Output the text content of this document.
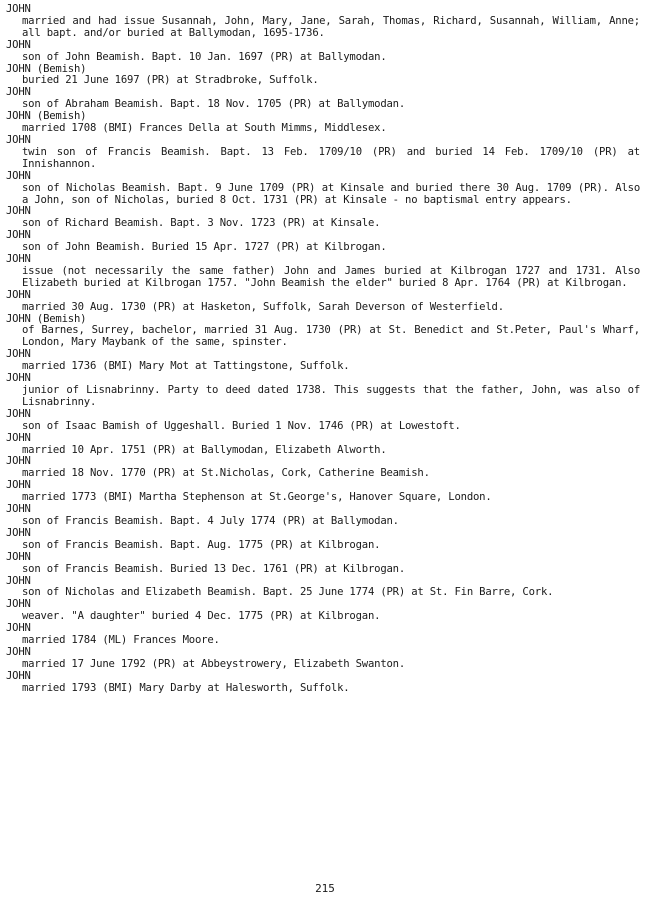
JOHN
married and had issue Susannah, John, Mary, Jane, Sarah, Thomas, Richard, Susannah, William, Anne; all bapt. and/or buried at Ballymodan, 1695-1736.
JOHN
son of John Beamish. Bapt. 10 Jan. 1697 (PR) at Ballymodan.
JOHN (Bemish)
buried 21 June 1697 (PR) at Stradbroke, Suffolk.
JOHN
son of Abraham Beamish. Bapt. 18 Nov. 1705 (PR) at Ballymodan.
JOHN (Bemish)
married 1708 (BMI) Frances Della at South Mimms, Middlesex.
JOHN
twin son of Francis Beamish. Bapt. 13 Feb. 1709/10 (PR) and buried 14 Feb. 1709/10 (PR) at Innishannon.
JOHN
son of Nicholas Beamish. Bapt. 9 June 1709 (PR) at Kinsale and buried there 30 Aug. 1709 (PR). Also a John, son of Nicholas, buried 8 Oct. 1731 (PR) at Kinsale - no baptismal entry appears.
JOHN
son of Richard Beamish. Bapt. 3 Nov. 1723 (PR) at Kinsale.
JOHN
son of John Beamish. Buried 15 Apr. 1727 (PR) at Kilbrogan.
JOHN
issue (not necessarily the same father) John and James buried at Kilbrogan 1727 and 1731. Also Elizabeth buried at Kilbrogan 1757. "John Beamish the elder" buried 8 Apr. 1764 (PR) at Kilbrogan.
JOHN
married 30 Aug. 1730 (PR) at Hasketon, Suffolk, Sarah Deverson of Westerfield.
JOHN (Bemish)
of Barnes, Surrey, bachelor, married 31 Aug. 1730 (PR) at St. Benedict and St.Peter, Paul's Wharf, London, Mary Maybank of the same, spinster.
JOHN
married 1736 (BMI) Mary Mot at Tattingstone, Suffolk.
JOHN
junior of Lisnabrinny. Party to deed dated 1738. This suggests that the father, John, was also of Lisnabrinny.
JOHN
son of Isaac Bamish of Uggeshall. Buried 1 Nov. 1746 (PR) at Lowestoft.
JOHN
married 10 Apr. 1751 (PR) at Ballymodan, Elizabeth Alworth.
JOHN
married 18 Nov. 1770 (PR) at St.Nicholas, Cork, Catherine Beamish.
JOHN
married 1773 (BMI) Martha Stephenson at St.George's, Hanover Square, London.
JOHN
son of Francis Beamish. Bapt. 4 July 1774 (PR) at Ballymodan.
JOHN
son of Francis Beamish. Bapt. Aug. 1775 (PR) at Kilbrogan.
JOHN
son of Francis Beamish. Buried 13 Dec. 1761 (PR) at Kilbrogan.
JOHN
son of Nicholas and Elizabeth Beamish. Bapt. 25 June 1774 (PR) at St. Fin Barre, Cork.
JOHN
weaver. "A daughter" buried 4 Dec. 1775 (PR) at Kilbrogan.
JOHN
married 1784 (ML) Frances Moore.
JOHN
married 17 June 1792 (PR) at Abbeystrowery, Elizabeth Swanton.
JOHN
married 1793 (BMI) Mary Darby at Halesworth, Suffolk.
215
